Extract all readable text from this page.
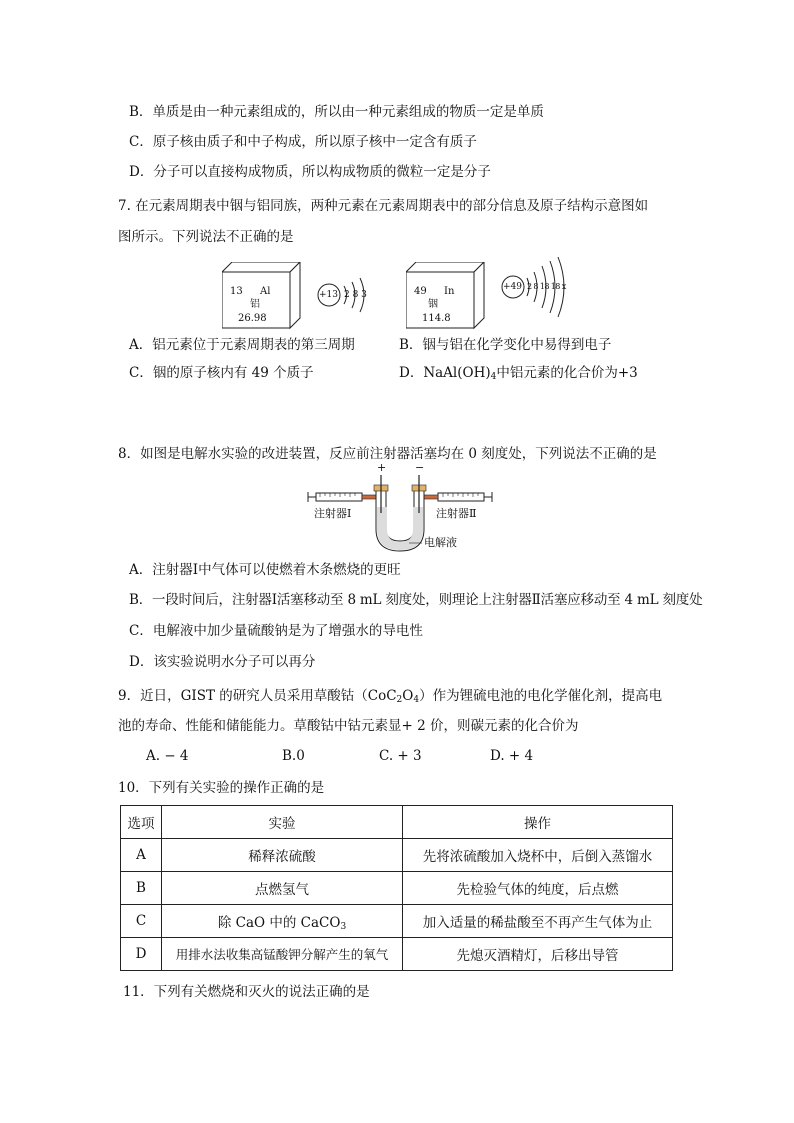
B．单质是由一种元素组成的，所以由一种元素组成的物质一定是单质
C．原子核由质子和中子构成，所以原子核中一定含有质子
D．分子可以直接构成物质，所以构成物质的微粒一定是分子
7. 在元素周期表中铟与铝同族，两种元素在元素周期表中的部分信息及原子结构示意图如
图所示。下列说法不正确的是
13 Al
铝
26.98
+13 2 8 3	49 In
铟
114.8
+49 2 8 18 18 x
A．铝元素位于元素周期表的第三周期	B．铟与铝在化学变化中易得到电子
C．铟的原子核内有 49 个质子	D．$NaAl(OH)_4$中铝元素的化合价为+3
8．如图是电解水实验的改进装置，反应前注射器活塞均在 0 刻度处，下列说法不正确的是
+	−
注射器Ⅰ	注射器Ⅱ
电解液
A．注射器Ⅰ中气体可以使燃着木条燃烧的更旺
B．一段时间后，注射器Ⅰ活塞移动至 8 mL 刻度处，则理论上注射器Ⅱ活塞应移动至 4 mL 刻度处
C．电解液中加少量硫酸钠是为了增强水的导电性
D．该实验说明水分子可以再分
9．近日，GIST 的研究人员采用草酸钴$(CoC_2O_4)$作为锂硫电池的电化学催化剂，提高电
池的寿命、性能和储能能力。草酸钴中钴元素显+ 2 价，则碳元素的化合价为
A. − 4	B.0	C. + 3	D. + 4
10．下列有关实验的操作正确的是
选项	实验	操作
A	稀释浓硫酸	先将浓硫酸加入烧杯中，后倒入蒸馏水
B	点燃氢气	先检验气体的纯度，后点燃
C	除 CaO 中的 CaCO$_3$	加入适量的稀盐酸至不再产生气体为止
D	用排水法收集高锰酸钾分解产生的氧气	先熄灭酒精灯，后移出导管
11．下列有关燃烧和灭火的说法正确的是
